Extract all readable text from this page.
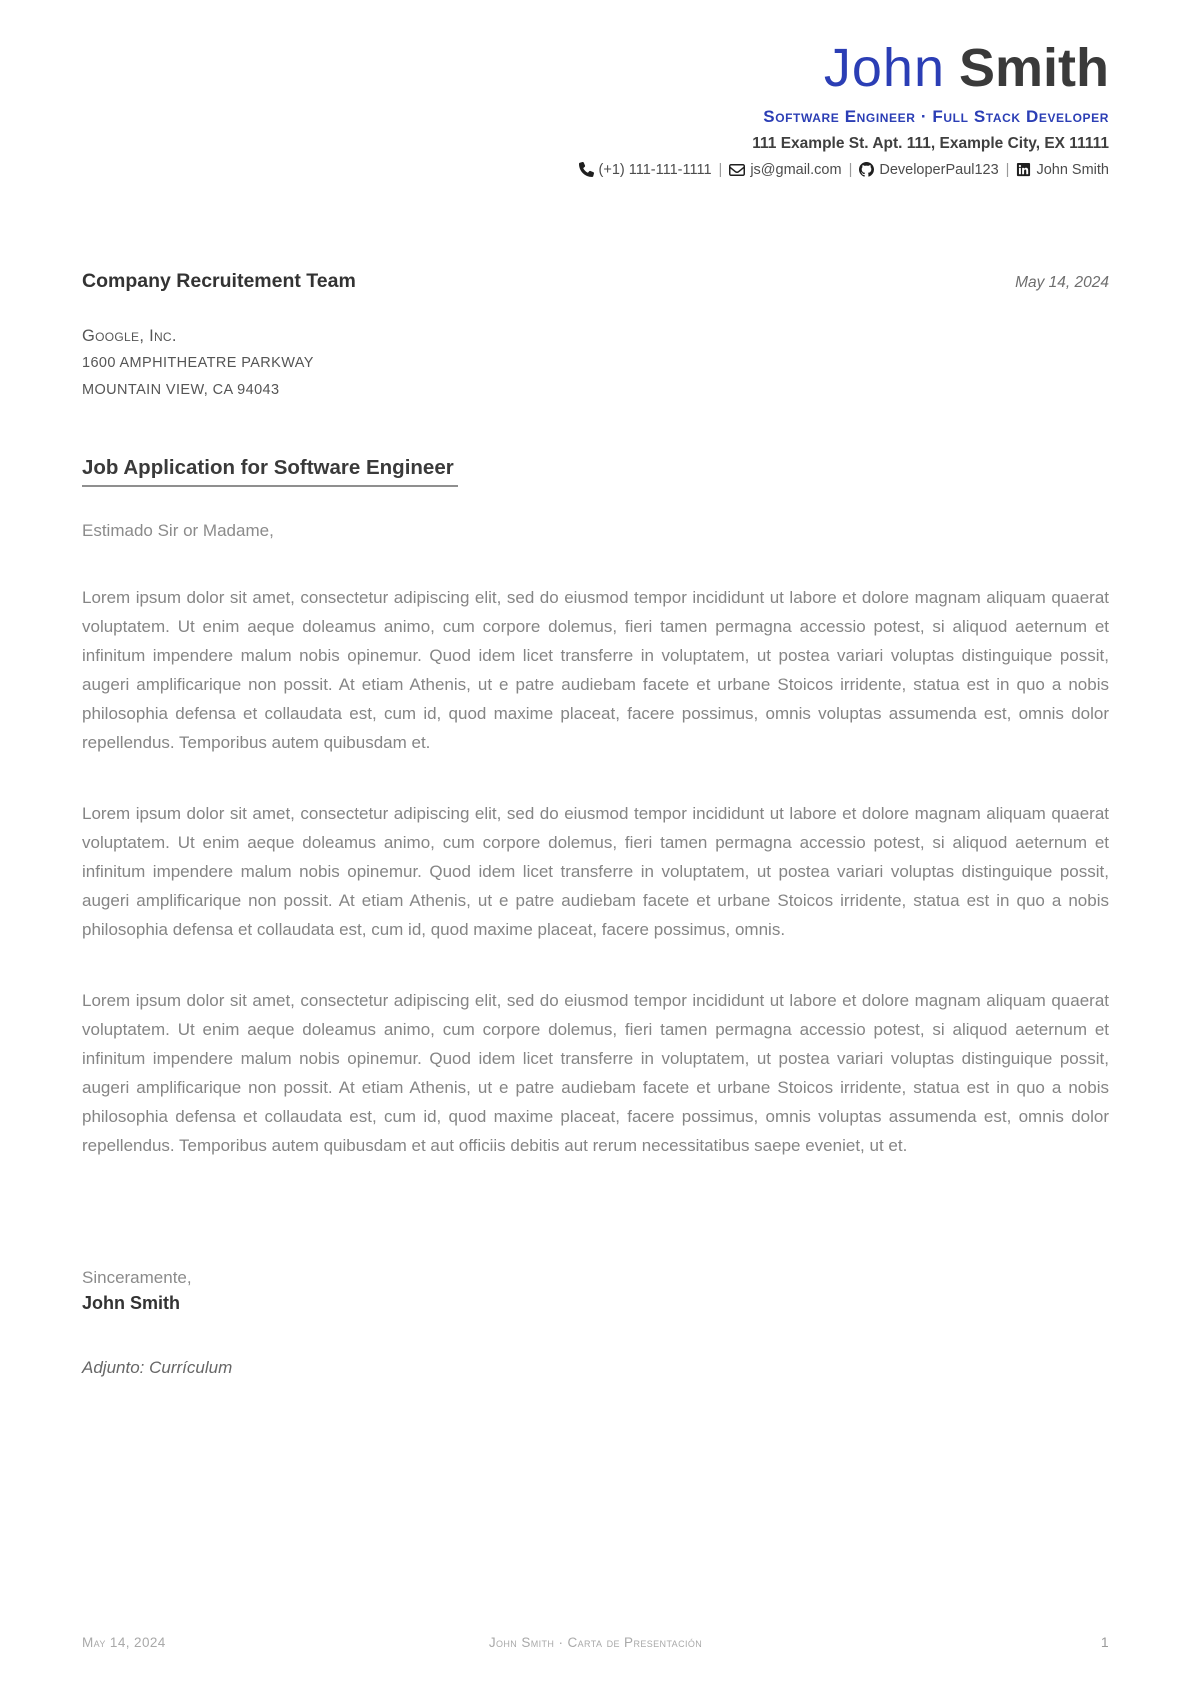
John Smith
Software Engineer · Full Stack Developer
111 Example St. Apt. 111, Example City, EX 11111
(+1) 111-111-1111 | js@gmail.com | DeveloperPaul123 | John Smith
Company Recruitement Team	May 14, 2024
Google, Inc.
1600 AMPHITHEATRE PARKWAY
MOUNTAIN VIEW, CA 94043
Job Application for Software Engineer
Estimado Sir or Madame,

Lorem ipsum dolor sit amet, consectetur adipiscing elit, sed do eiusmod tempor incididunt ut labore et dolore magnam aliquam quaerat voluptatem. Ut enim aeque doleamus animo, cum corpore dolemus, fieri tamen permagna accessio potest, si aliquod aeternum et infinitum impendere malum nobis opinemur. Quod idem licet transferre in voluptatem, ut postea variari voluptas distinguique possit, augeri amplificarique non possit. At etiam Athenis, ut e patre audiebam facete et urbane Stoicos irridente, statua est in quo a nobis philosophia defensa et collaudata est, cum id, quod maxime placeat, facere possimus, omnis voluptas assumenda est, omnis dolor repellendus. Temporibus autem quibusdam et.

Lorem ipsum dolor sit amet, consectetur adipiscing elit, sed do eiusmod tempor incididunt ut labore et dolore magnam aliquam quaerat voluptatem. Ut enim aeque doleamus animo, cum corpore dolemus, fieri tamen permagna accessio potest, si aliquod aeternum et infinitum impendere malum nobis opinemur. Quod idem licet transferre in voluptatem, ut postea variari voluptas distinguique possit, augeri amplificarique non possit. At etiam Athenis, ut e patre audiebam facete et urbane Stoicos irridente, statua est in quo a nobis philosophia defensa et collaudata est, cum id, quod maxime placeat, facere possimus, omnis.

Lorem ipsum dolor sit amet, consectetur adipiscing elit, sed do eiusmod tempor incididunt ut labore et dolore magnam aliquam quaerat voluptatem. Ut enim aeque doleamus animo, cum corpore dolemus, fieri tamen permagna accessio potest, si aliquod aeternum et infinitum impendere malum nobis opinemur. Quod idem licet transferre in voluptatem, ut postea variari voluptas distinguique possit, augeri amplificarique non possit. At etiam Athenis, ut e patre audiebam facete et urbane Stoicos irridente, statua est in quo a nobis philosophia defensa et collaudata est, cum id, quod maxime placeat, facere possimus, omnis voluptas assumenda est, omnis dolor repellendus. Temporibus autem quibusdam et aut officiis debitis aut rerum necessitatibus saepe eveniet, ut et.

Sinceramente,
John Smith
Adjunto: Currículum
May 14, 2024	John Smith · Carta de Presentación	1
